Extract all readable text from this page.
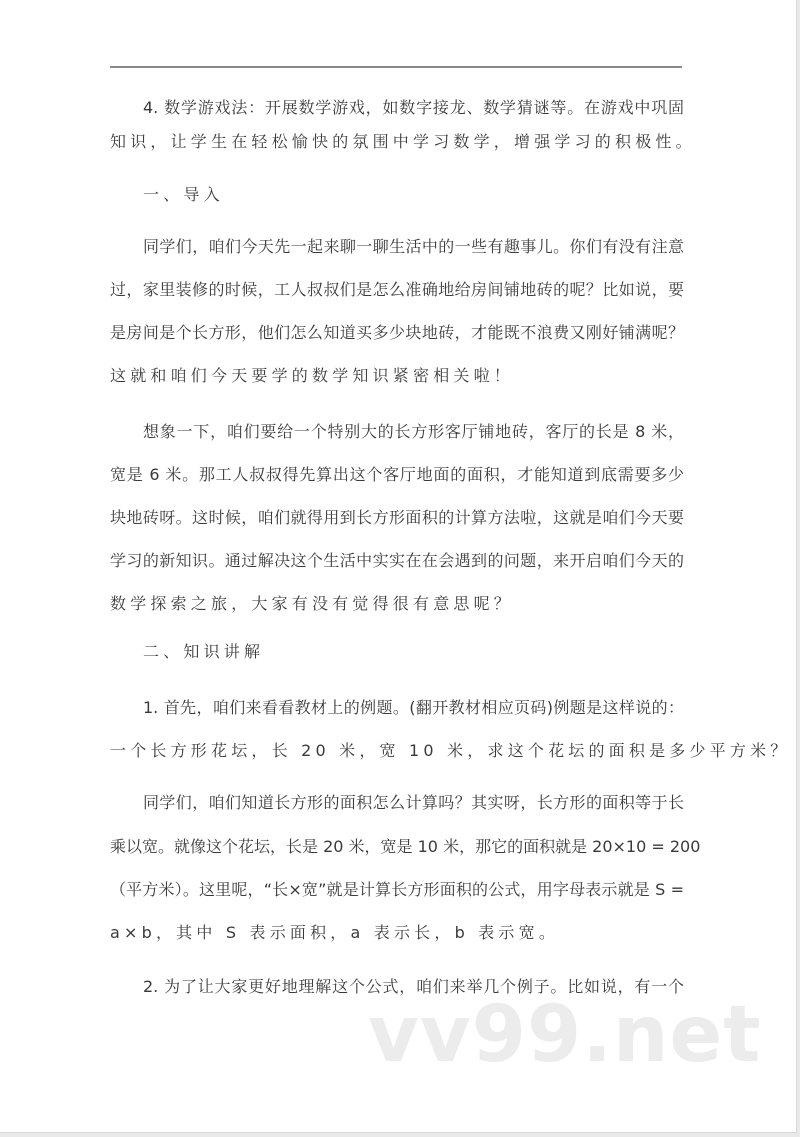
4. 数学游戏法：开展数学游戏，如数字接龙、数学猜谜等。在游戏中巩固
知识，让学生在轻松愉快的氛围中学习数学，增强学习的积极性。
一、导入
同学们，咱们今天先一起来聊一聊生活中的一些有趣事儿。你们有没有注意
过，家里装修的时候，工人叔叔们是怎么准确地给房间铺地砖的呢？比如说，要
是房间是个长方形，他们怎么知道买多少块地砖，才能既不浪费又刚好铺满呢？
这就和咱们今天要学的数学知识紧密相关啦！
想象一下，咱们要给一个特别大的长方形客厅铺地砖，客厅的长是 8 米，
宽是 6 米。那工人叔叔得先算出这个客厅地面的面积，才能知道到底需要多少
块地砖呀。这时候，咱们就得用到长方形面积的计算方法啦，这就是咱们今天要
学习的新知识。通过解决这个生活中实实在在会遇到的问题，来开启咱们今天的
数学探索之旅，大家有没有觉得很有意思呢？
二、知识讲解
1. 首先，咱们来看看教材上的例题。(翻开教材相应页码)例题是这样说的：
一个长方形花坛，长 20 米，宽 10 米，求这个花坛的面积是多少平方米？
同学们，咱们知道长方形的面积怎么计算吗？其实呀，长方形的面积等于长
乘以宽。就像这个花坛，长是 20 米，宽是 10 米，那它的面积就是 20×10 = 200
（平方米）。这里呢，“长×宽”就是计算长方形面积的公式，用字母表示就是 S =
a×b，其中 S 表示面积，a 表示长，b 表示宽。
2. 为了让大家更好地理解这个公式，咱们来举几个例子。比如说，有一个
vv99.net
